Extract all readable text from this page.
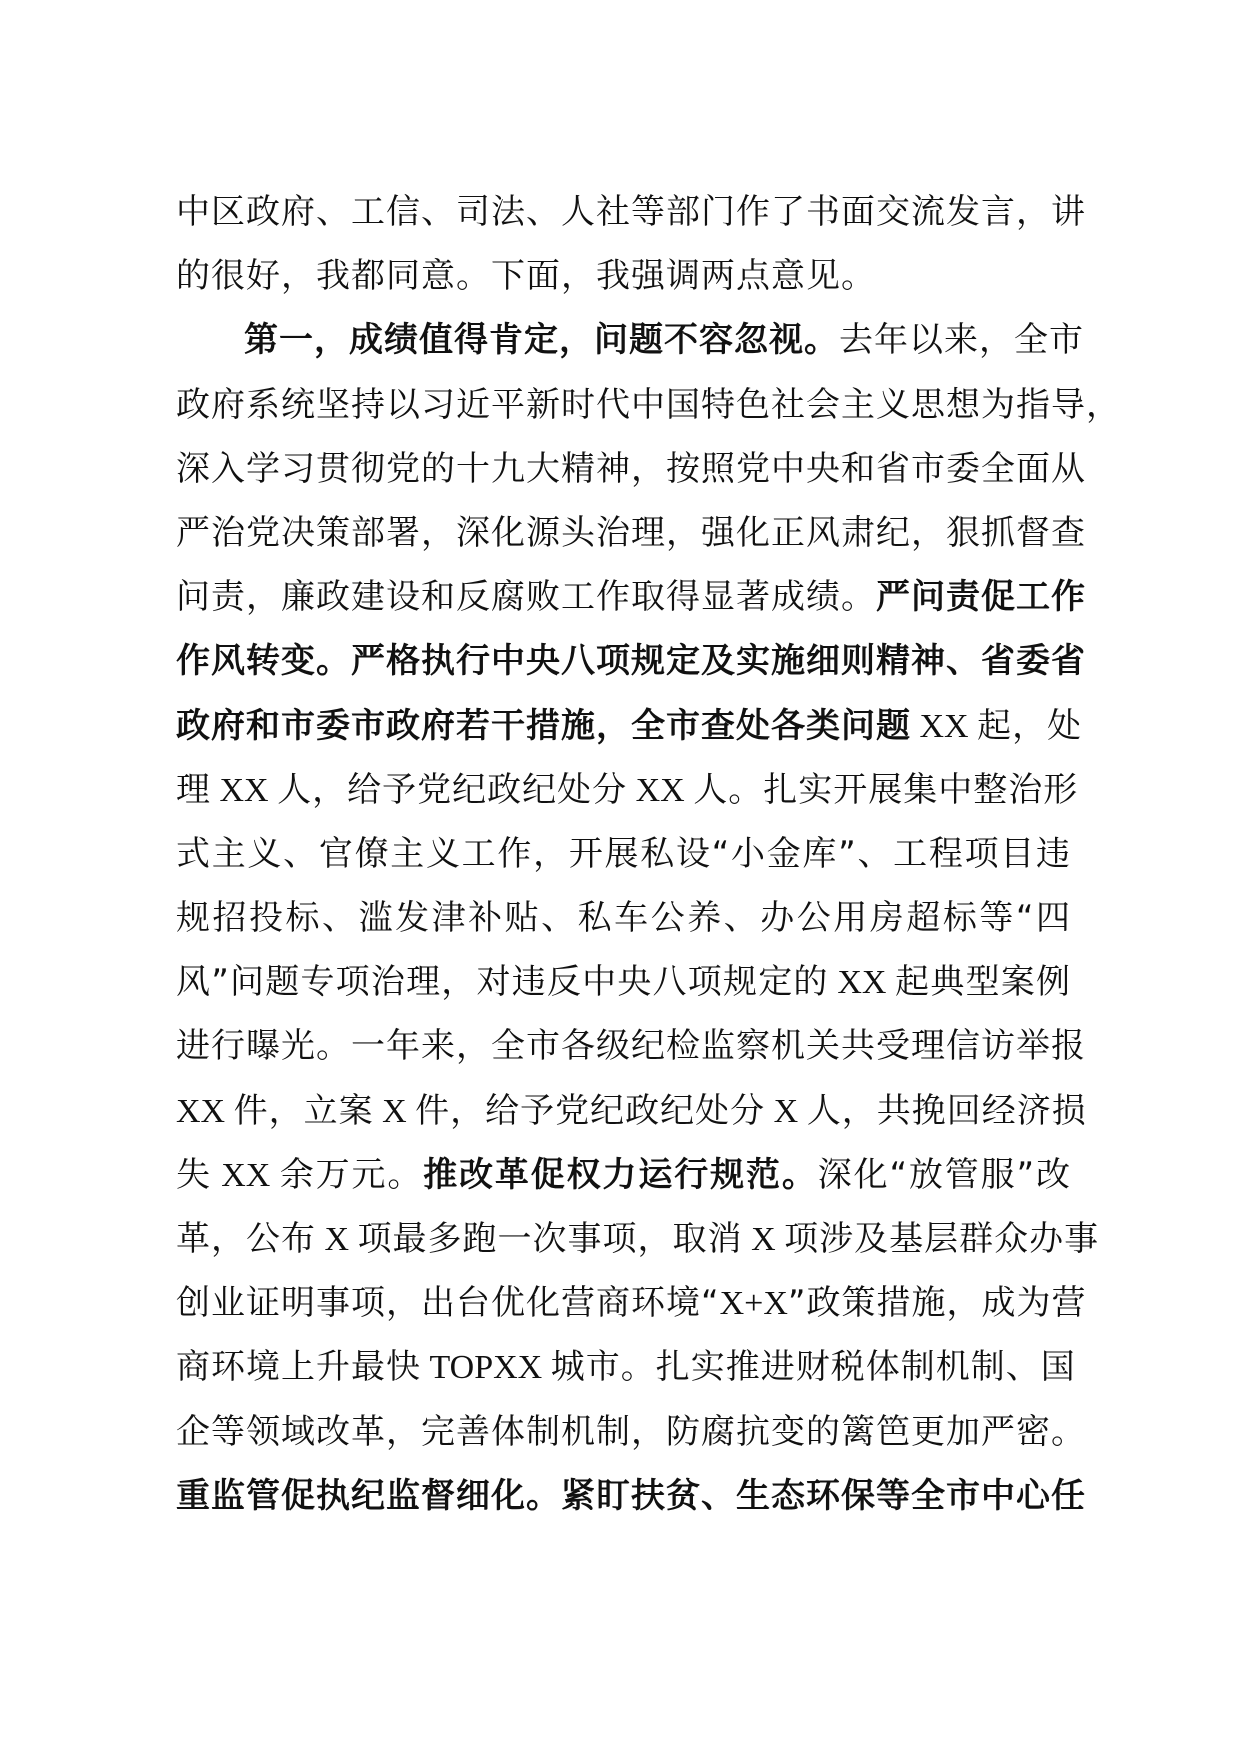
中区政府、工信、司法、人社等部门作了书面交流发言，讲
的很好，我都同意。下面，我强调两点意见。
第一，成绩值得肯定，问题不容忽视。去年以来，全市
政府系统坚持以习近平新时代中国特色社会主义思想为指导，
深入学习贯彻党的十九大精神，按照党中央和省市委全面从
严治党决策部署，深化源头治理，强化正风肃纪，狠抓督查
问责，廉政建设和反腐败工作取得显著成绩。严问责促工作
作风转变。严格执行中央八项规定及实施细则精神、省委省
政府和市委市政府若干措施，全市查处各类问题 XX 起，处
理 XX 人，给予党纪政纪处分 XX 人。扎实开展集中整治形
式主义、官僚主义工作，开展私设“小金库”、工程项目违
规招投标、滥发津补贴、私车公养、办公用房超标等“四
风”问题专项治理，对违反中央八项规定的 XX 起典型案例
进行曝光。一年来，全市各级纪检监察机关共受理信访举报
XX 件，立案 X 件，给予党纪政纪处分 X 人，共挽回经济损
失 XX 余万元。推改革促权力运行规范。深化“放管服”改
革，公布 X 项最多跑一次事项，取消 X 项涉及基层群众办事
创业证明事项，出台优化营商环境“X+X”政策措施，成为营
商环境上升最快 TOPXX 城市。扎实推进财税体制机制、国
企等领域改革，完善体制机制，防腐抗变的篱笆更加严密。
重监管促执纪监督细化。紧盯扶贫、生态环保等全市中心任
